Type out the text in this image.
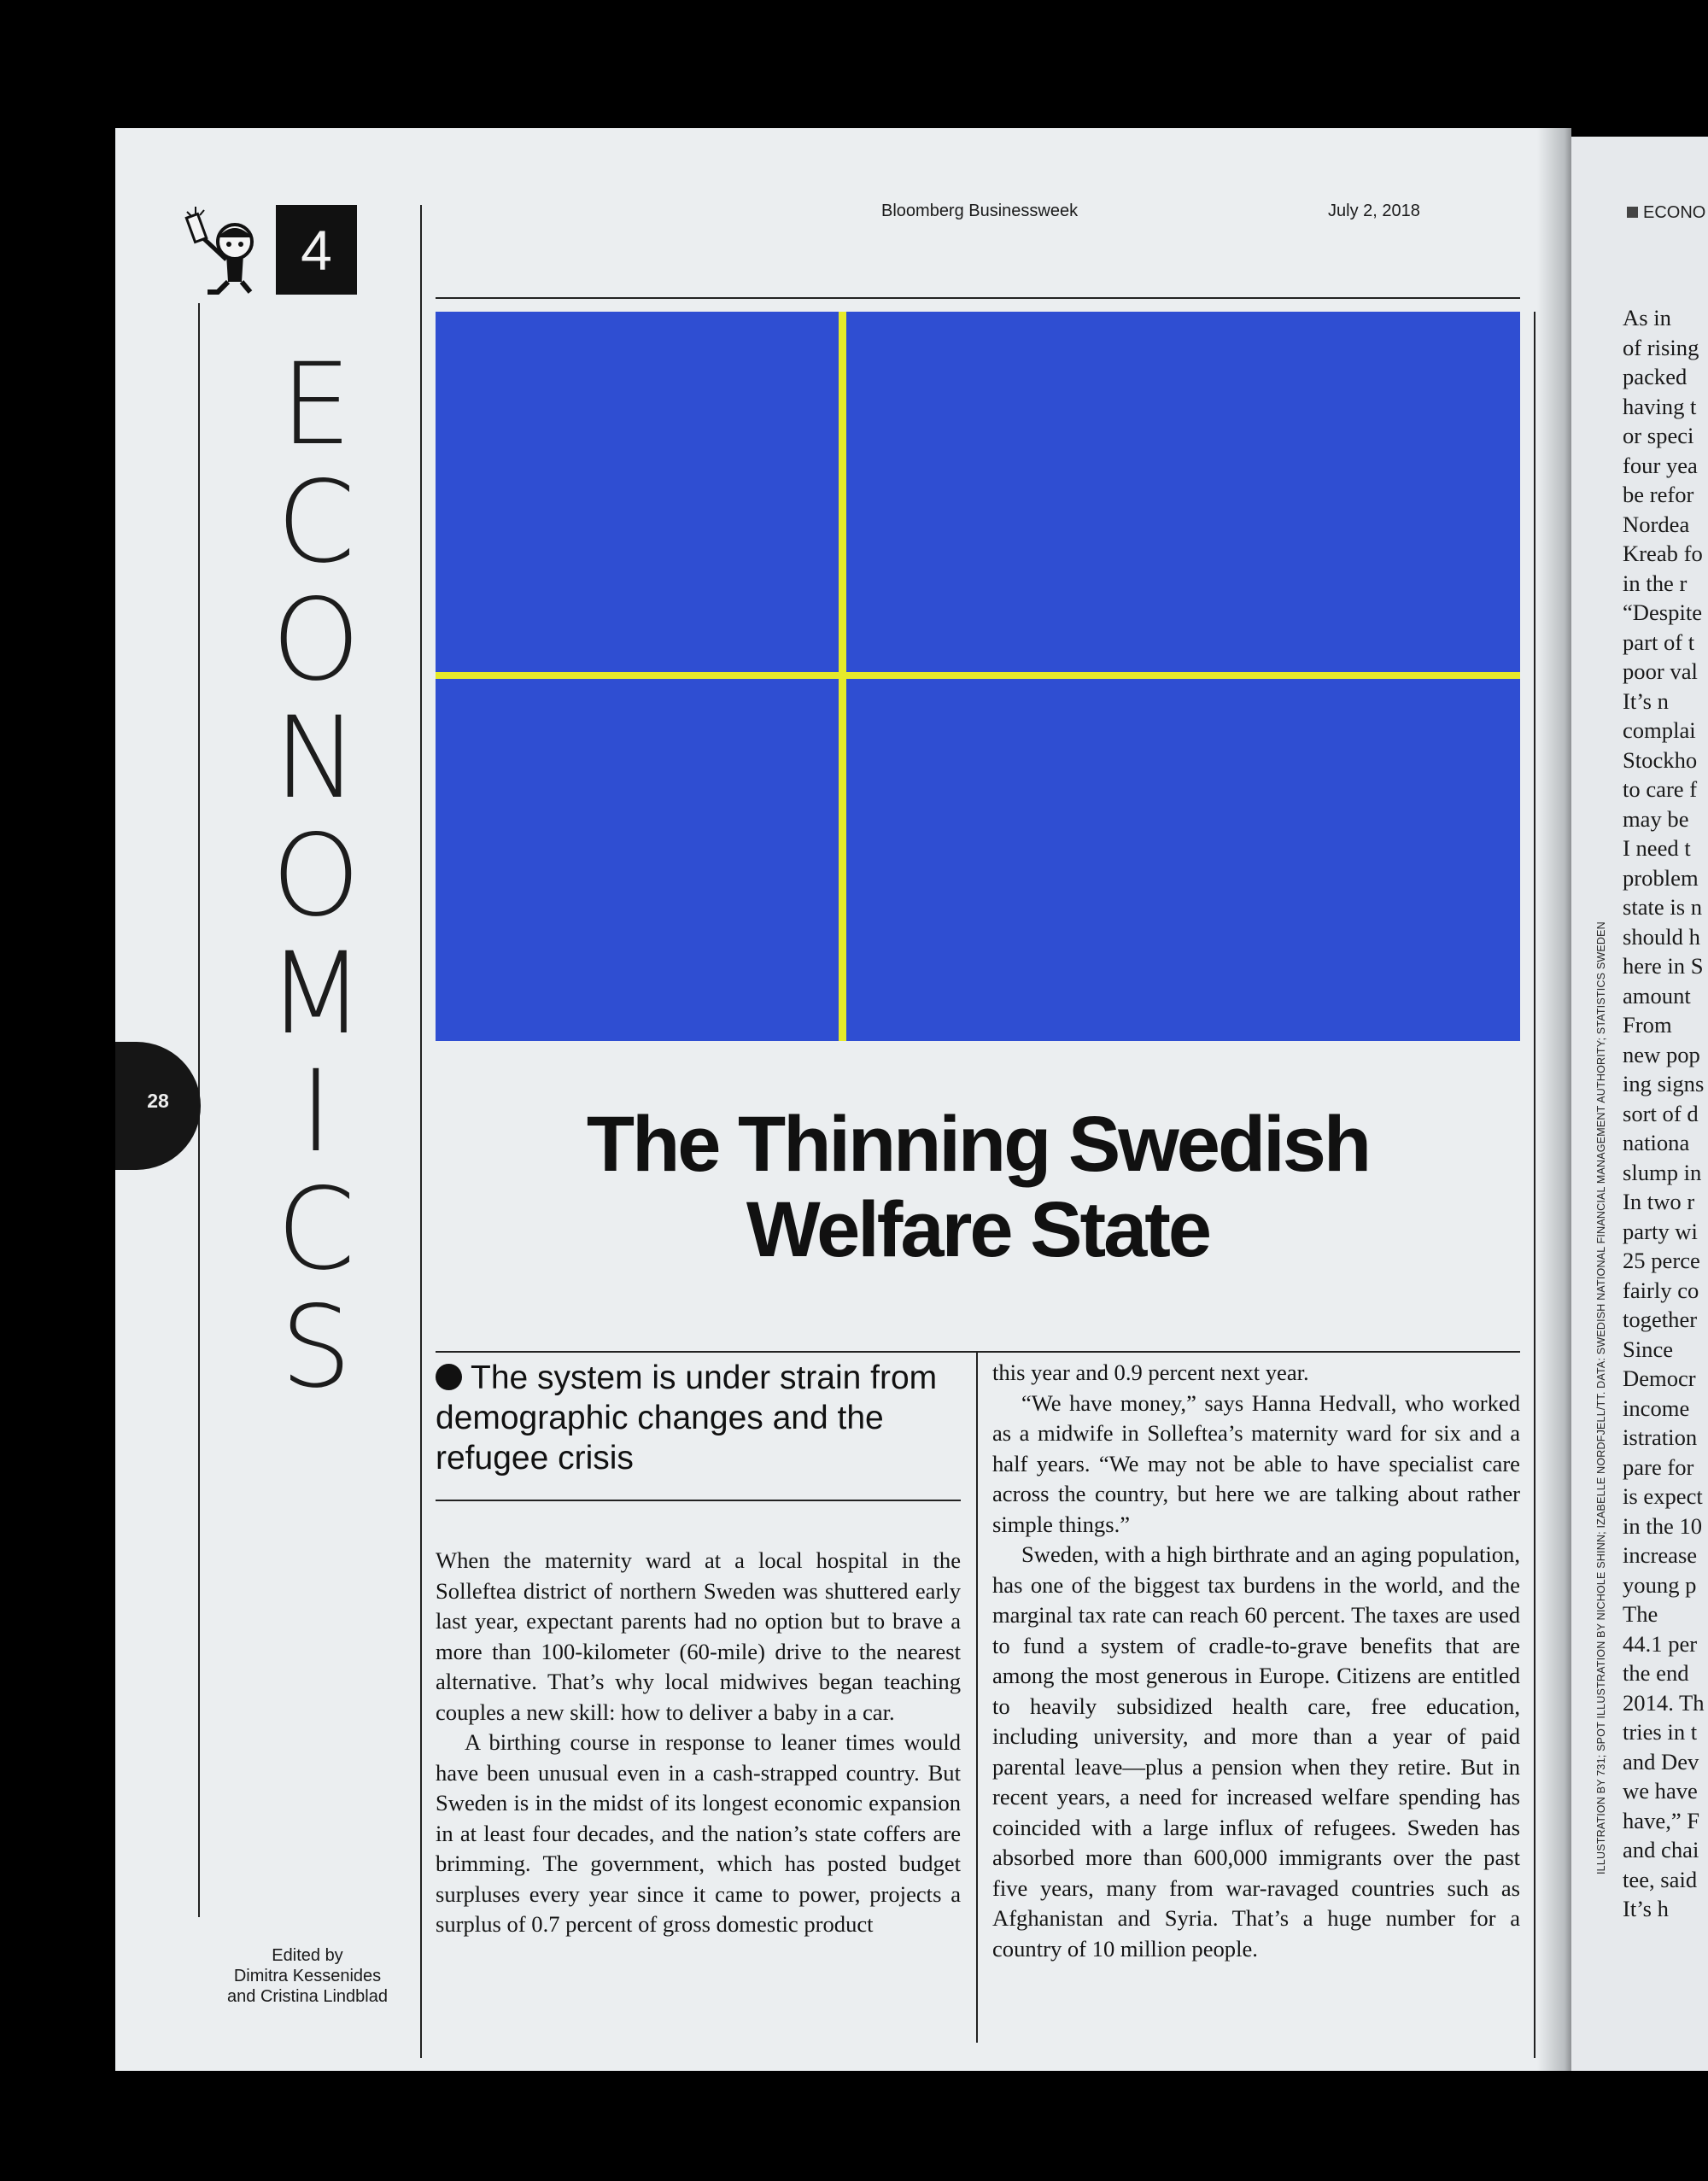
4
Bloomberg Businessweek	July 2, 2018
E
C
O
N
O
M
I
C
S
28
Edited by
Dimitra Kessenides
and Cristina Lindblad
The Thinning Swedish
Welfare State
The system is under strain from demographic changes and the refugee crisis

When the maternity ward at a local hospital in the Solleftea district of northern Sweden was shuttered early last year, expectant parents had no option but to brave a more than 100-kilometer (60-mile) drive to the nearest alternative. That’s why local midwives began teaching couples a new skill: how to deliver a baby in a car.

A birthing course in response to leaner times would have been unusual even in a cash-strapped country. But Sweden is in the midst of its longest economic expansion in at least four decades, and the nation’s state coffers are brimming. The government, which has posted budget surpluses every year since it came to power, projects a surplus of 0.7 percent of gross domestic product

this year and 0.9 percent next year.

“We have money,” says Hanna Hedvall, who worked as a midwife in Solleftea’s maternity ward for six and a half years. “We may not be able to have specialist care across the country, but here we are talking about rather simple things.”

Sweden, with a high birthrate and an aging population, has one of the biggest tax burdens in the world, and the marginal tax rate can reach 60 percent. The taxes are used to fund a system of cradle-to-grave benefits that are among the most generous in Europe. Citizens are entitled to heavily subsidized health care, free education, including university, and more than a year of paid parental leave—plus a pension when they retire. But in recent years, a need for increased welfare spending has coincided with a large influx of refugees. Sweden has absorbed more than 600,000 immigrants over the past five years, many from war-ravaged countries such as Afghanistan and Syria. That’s a huge number for a country of 10 million people.

ILLUSTRATION BY 731; SPOT ILLUSTRATION BY NICHOLE SHINN; IZABELLE NORDFJELL/TT. DATA: SWEDISH NATIONAL FINANCIAL MANAGEMENT AUTHORITY; STATISTICS SWEDEN
ECONO
As in
of rising
packed
having t
or speci
four yea
be refor
Nordea
Kreab fo
in the r
“Despite
part of t
poor val
It’s n
complai
Stockho
to care f
may be
I need t
problem
state is n
should h
here in S
amount
From
new pop
ing signs
sort of d
nationa
slump in
In two r
party wi
25 perce
fairly co
together
Since
Democr
income
istration
pare for
is expect
in the 10
increase
young p
The
44.1 per
the end
2014. Th
tries in t
and Dev
we have
have,” F
and chai
tee, said
It’s h
